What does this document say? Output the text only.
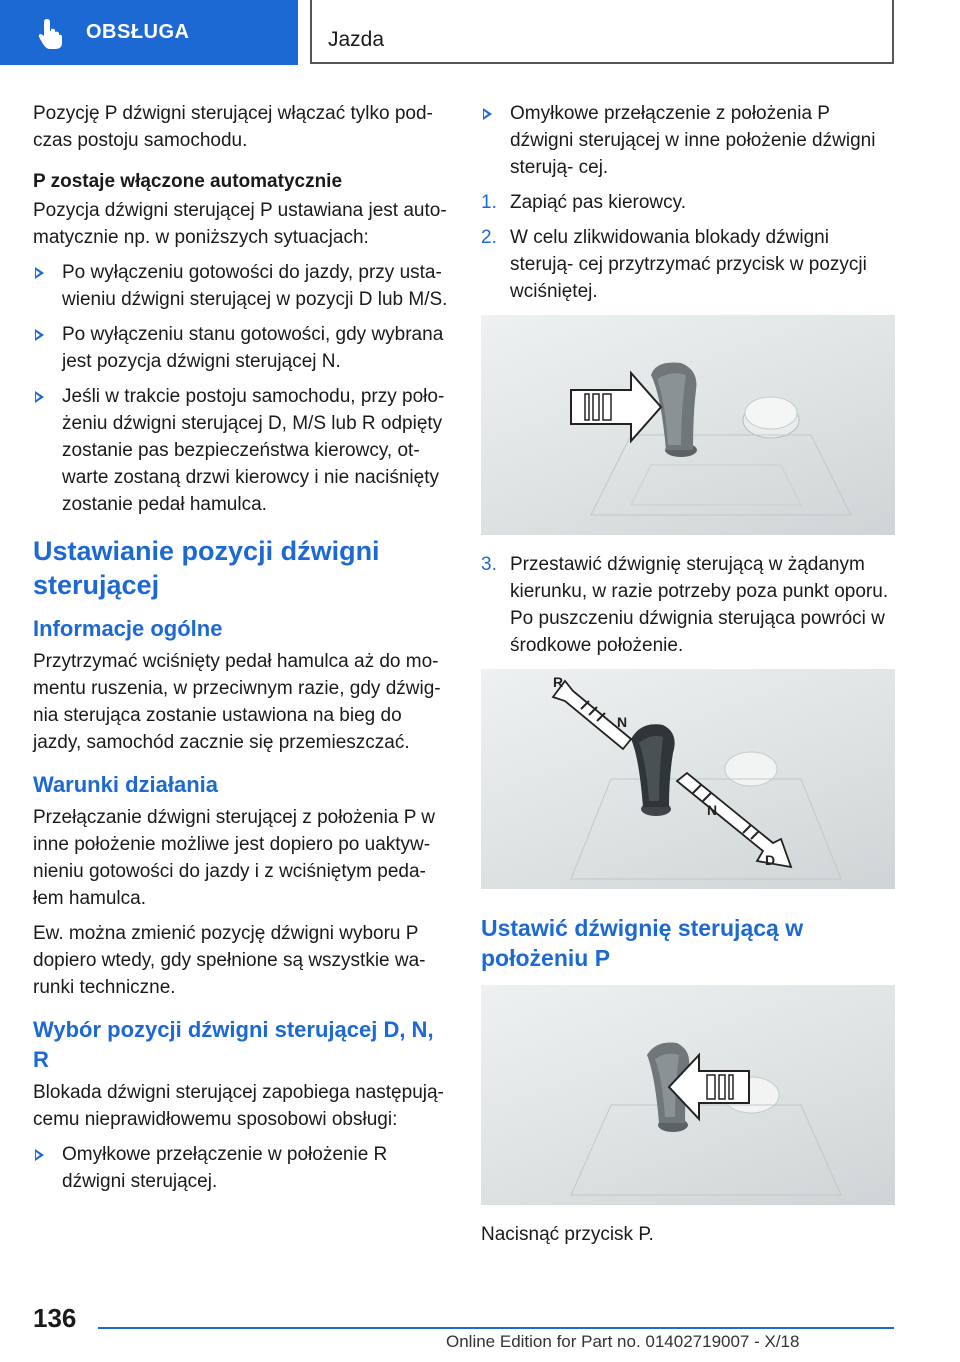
OBSŁUGA	Jazda

Pozycję P dźwigni sterującej włączać tylko pod- czas postoju samochodu.

P zostaje włączone automatycznie

Pozycja dźwigni sterującej P ustawiana jest auto- matycznie np. w poniższych sytuacjach:

Po wyłączeniu gotowości do jazdy, przy usta- wieniu dźwigni sterującej w pozycji D lub M/S.
Po wyłączeniu stanu gotowości, gdy wybrana jest pozycja dźwigni sterującej N.
Jeśli w trakcie postoju samochodu, przy poło- żeniu dźwigni sterującej D, M/S lub R odpięty zostanie pas bezpieczeństwa kierowcy, ot- warte zostaną drzwi kierowcy i nie naciśnięty zostanie pedał hamulca.
Ustawianie pozycji dźwigni sterującej
Informacje ogólne

Przytrzymać wciśnięty pedał hamulca aż do mo- mentu ruszenia, w przeciwnym razie, gdy dźwig- nia sterująca zostanie ustawiona na bieg do jazdy, samochód zacznie się przemieszczać.

Warunki działania

Przełączanie dźwigni sterującej z położenia P w inne położenie możliwe jest dopiero po uaktyw- nieniu gotowości do jazdy i z wciśniętym peda- łem hamulca.

Ew. można zmienić pozycję dźwigni wyboru P dopiero wtedy, gdy spełnione są wszystkie wa- runki techniczne.

Wybór pozycji dźwigni sterującej D, N, R

Blokada dźwigni sterującej zapobiega następują- cemu nieprawidłowemu sposobowi obsługi:

Omyłkowe przełączenie w położenie R dźwigni sterującej.
Omyłkowe przełączenie z położenia P dźwigni sterującej w inne położenie dźwigni sterują- cej.
1. Zapiąć pas kierowcy.
2. W celu zlikwidowania blokady dźwigni sterują- cej przytrzymać przycisk w pozycji wciśniętej.
3. Przestawić dźwignię sterującą w żądanym kierunku, w razie potrzeby poza punkt oporu. Po puszczeniu dźwignia sterująca powróci w środkowe położenie.
R
N
N
D
Ustawić dźwignię sterującą w położeniu P

Nacisnąć przycisk P.

136
Online Edition for Part no. 01402719007 - X/18
